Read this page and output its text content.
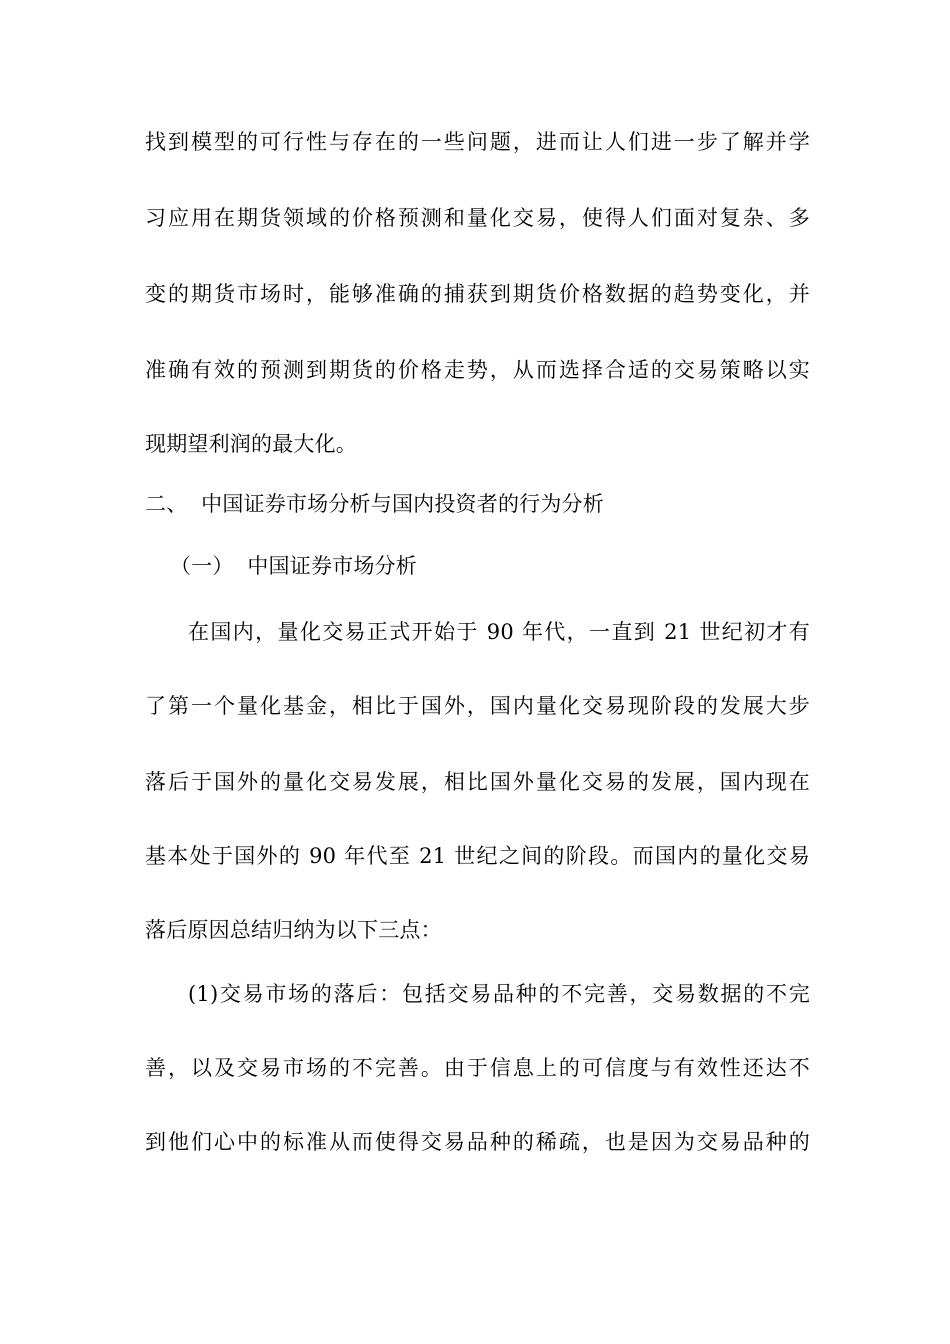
找到模型的可行性与存在的一些问题，进而让人们进一步了解并学
习应用在期货领域的价格预测和量化交易，使得人们面对复杂、多
变的期货市场时，能够准确的捕获到期货价格数据的趋势变化，并
准确有效的预测到期货的价格走势，从而选择合适的交易策略以实
现期望利润的最大化。
二、  中国证券市场分析与国内投资者的行为分析
（一）  中国证券市场分析
在国内，量化交易正式开始于 90 年代，一直到 21 世纪初才有
了第一个量化基金，相比于国外，国内量化交易现阶段的发展大步
落后于国外的量化交易发展，相比国外量化交易的发展，国内现在
基本处于国外的 90 年代至 21 世纪之间的阶段。而国内的量化交易
落后原因总结归纳为以下三点：
(1)交易市场的落后：包括交易品种的不完善，交易数据的不完
善，以及交易市场的不完善。由于信息上的可信度与有效性还达不
到他们心中的标准从而使得交易品种的稀疏，也是因为交易品种的
